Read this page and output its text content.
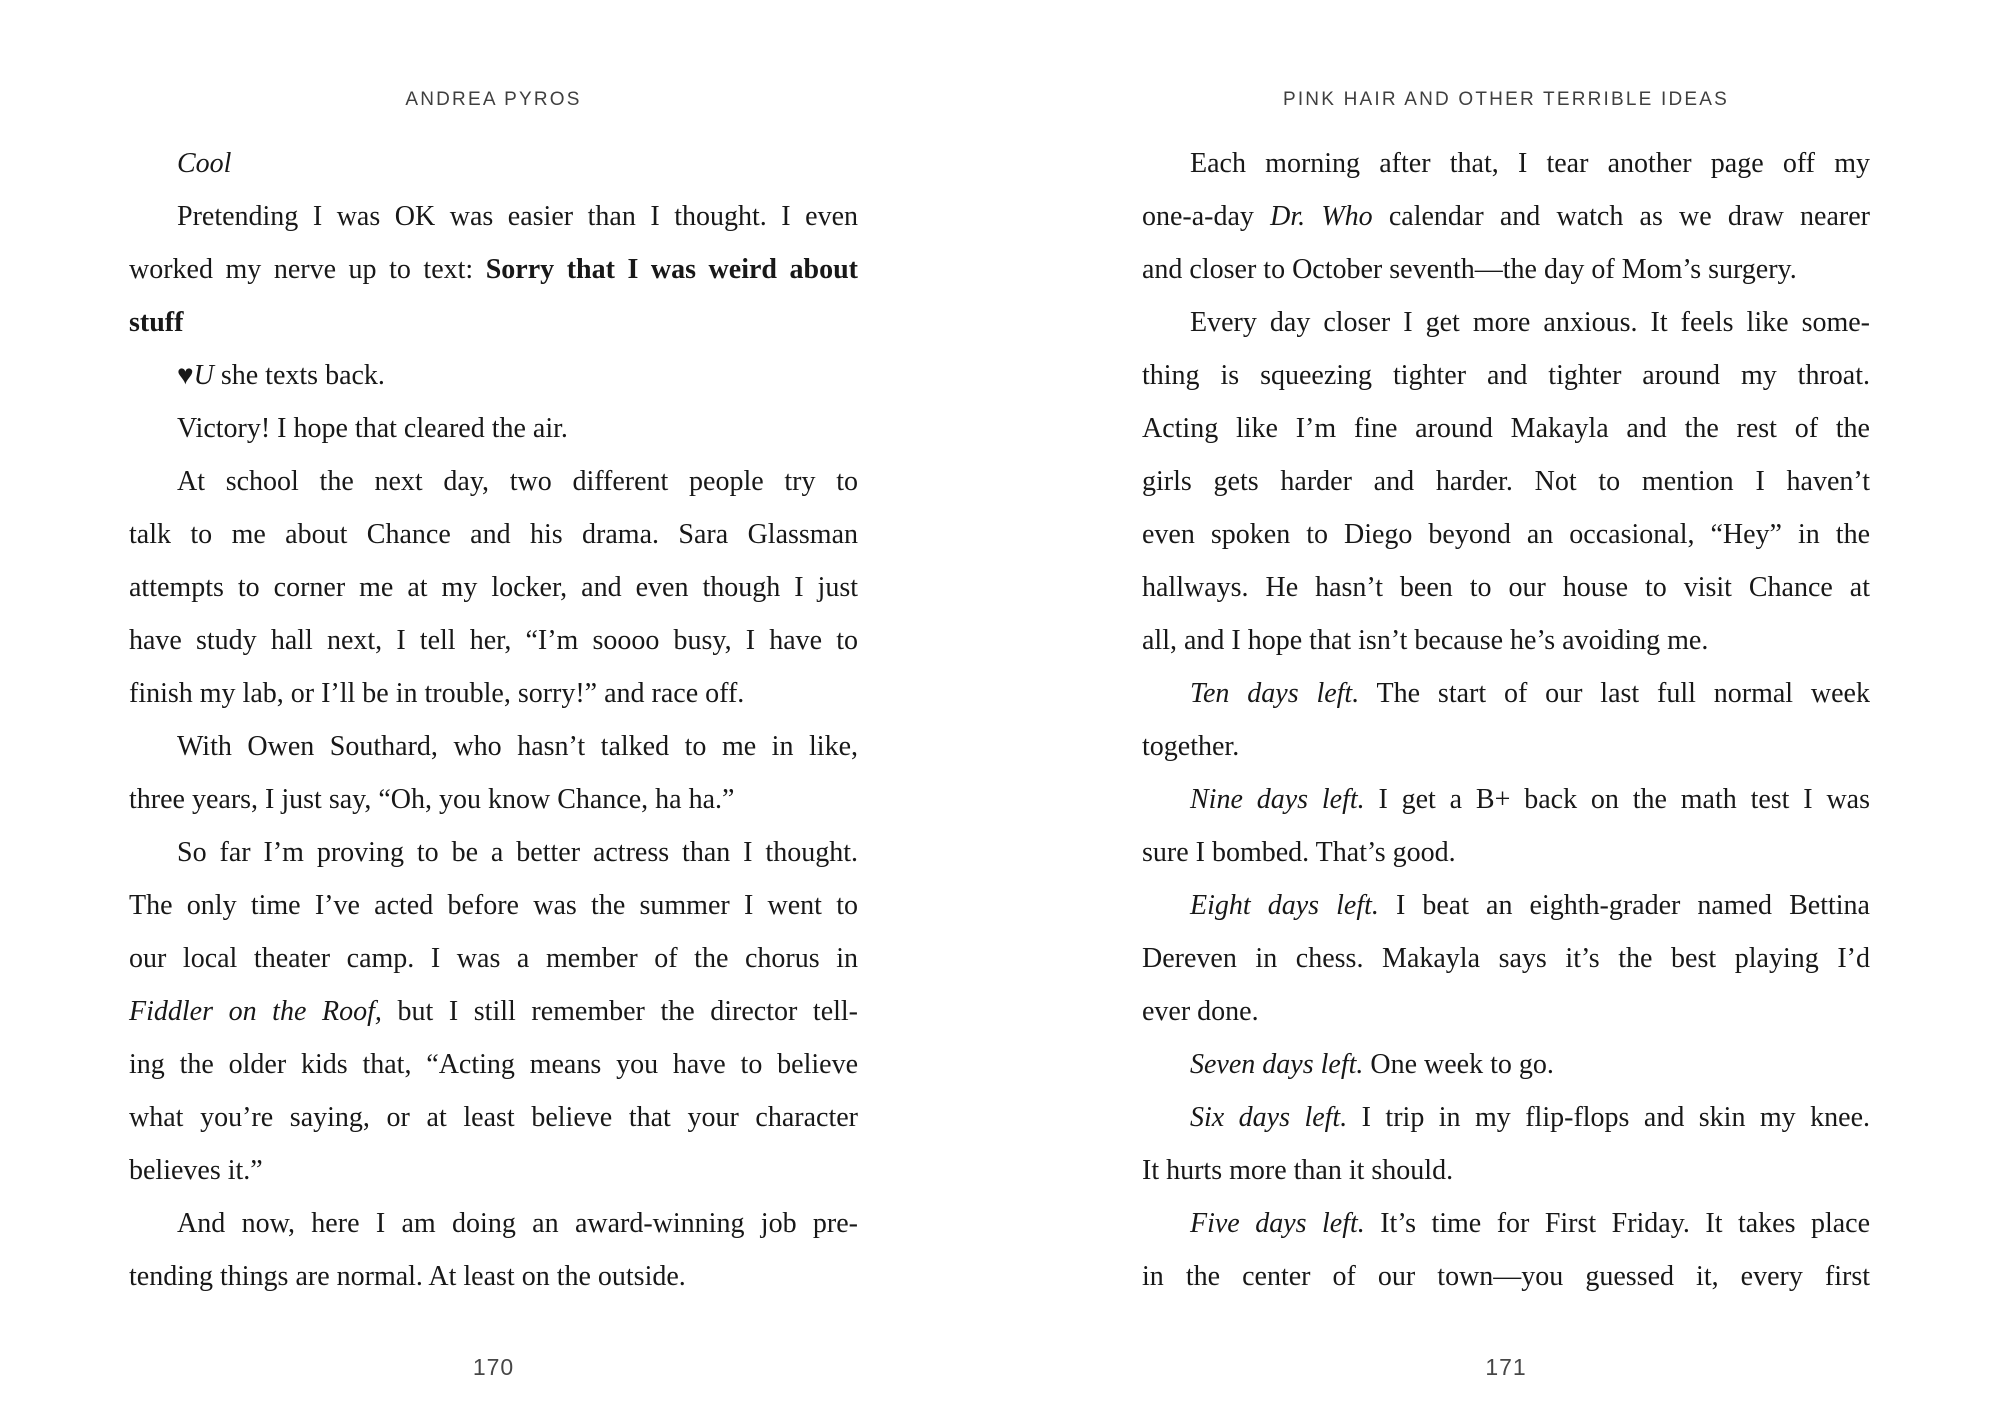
ANDREA PYROS
Cool
Pretending I was OK was easier than I thought. I even
worked my nerve up to text: Sorry that I was weird about
stuff
♥U she texts back.
Victory! I hope that cleared the air.
At school the next day, two different people try to
talk to me about Chance and his drama. Sara Glassman
attempts to corner me at my locker, and even though I just
have study hall next, I tell her, “I’m soooo busy, I have to
finish my lab, or I’ll be in trouble, sorry!” and race off.
With Owen Southard, who hasn’t talked to me in like,
three years, I just say, “Oh, you know Chance, ha ha.”
So far I’m proving to be a better actress than I thought.
The only time I’ve acted before was the summer I went to
our local theater camp. I was a member of the chorus in
Fiddler on the Roof, but I still remember the director tell-
ing the older kids that, “Acting means you have to believe
what you’re saying, or at least believe that your character
believes it.”
And now, here I am doing an award-winning job pre-
tending things are normal. At least on the outside.
170
PINK HAIR AND OTHER TERRIBLE IDEAS
Each morning after that, I tear another page off my
one-a-day Dr. Who calendar and watch as we draw nearer
and closer to October seventh—the day of Mom’s surgery.
Every day closer I get more anxious. It feels like some-
thing is squeezing tighter and tighter around my throat.
Acting like I’m fine around Makayla and the rest of the
girls gets harder and harder. Not to mention I haven’t
even spoken to Diego beyond an occasional, “Hey” in the
hallways. He hasn’t been to our house to visit Chance at
all, and I hope that isn’t because he’s avoiding me.
Ten days left. The start of our last full normal week
together.
Nine days left. I get a B+ back on the math test I was
sure I bombed. That’s good.
Eight days left. I beat an eighth-grader named Bettina
Dereven in chess. Makayla says it’s the best playing I’d
ever done.
Seven days left. One week to go.
Six days left. I trip in my flip-flops and skin my knee.
It hurts more than it should.
Five days left. It’s time for First Friday. It takes place
in the center of our town—you guessed it, every first
171
